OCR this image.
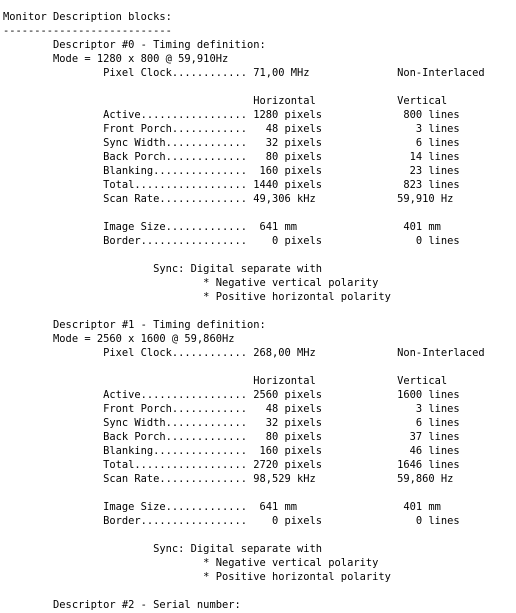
Monitor Description blocks:
---------------------------
Descriptor #0 - Timing definition:
Mode = 1280 x 800 @ 59,910Hz
Pixel Clock............ 71,00 MHz              Non-Interlaced

Horizontal             Vertical
Active................. 1280 pixels             800 lines
Front Porch............   48 pixels               3 lines
Sync Width.............   32 pixels               6 lines
Back Porch.............   80 pixels              14 lines
Blanking...............  160 pixels              23 lines
Total.................. 1440 pixels             823 lines
Scan Rate.............. 49,306 kHz             59,910 Hz

Image Size.............  641 mm                 401 mm
Border.................    0 pixels               0 lines

Sync: Digital separate with
* Negative vertical polarity
* Positive horizontal polarity

Descriptor #1 - Timing definition:
Mode = 2560 x 1600 @ 59,860Hz
Pixel Clock............ 268,00 MHz             Non-Interlaced

Horizontal             Vertical
Active................. 2560 pixels            1600 lines
Front Porch............   48 pixels               3 lines
Sync Width.............   32 pixels               6 lines
Back Porch.............   80 pixels              37 lines
Blanking...............  160 pixels              46 lines
Total.................. 2720 pixels            1646 lines
Scan Rate.............. 98,529 kHz             59,860 Hz

Image Size.............  641 mm                 401 mm
Border.................    0 pixels               0 lines

Sync: Digital separate with
* Negative vertical polarity
* Positive horizontal polarity

Descriptor #2 - Serial number:
